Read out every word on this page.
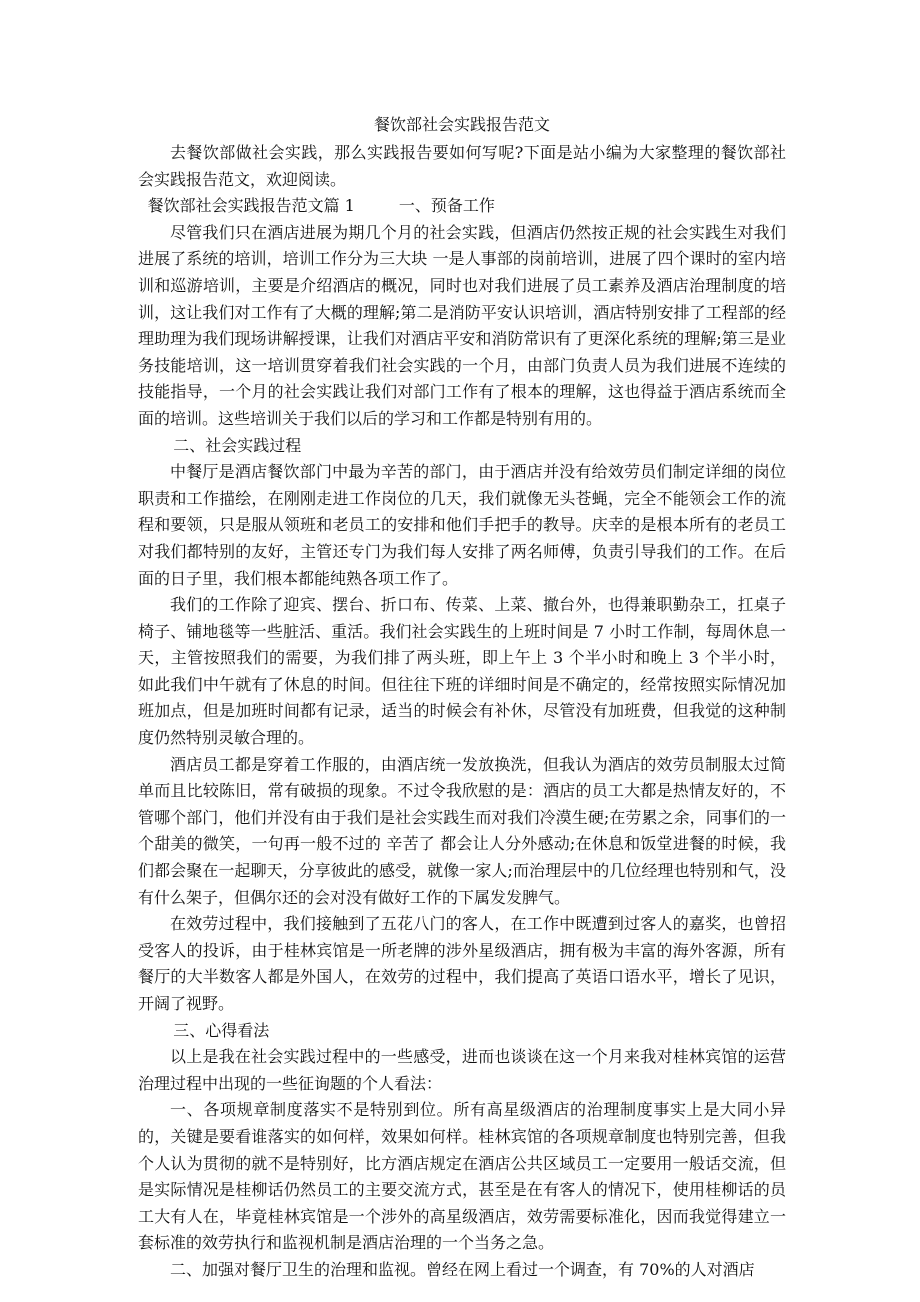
餐饮部社会实践报告范文

去餐饮部做社会实践，那么实践报告要如何写呢?下面是站小编为大家整理的餐饮部社会实践报告范文，欢迎阅读。

餐饮部社会实践报告范文篇 1	一、预备工作

尽管我们只在酒店进展为期几个月的社会实践，但酒店仍然按正规的社会实践生对我们进展了系统的培训，培训工作分为三大块 一是人事部的岗前培训，进展了四个课时的室内培训和巡游培训，主要是介绍酒店的概况，同时也对我们进展了员工素养及酒店治理制度的培训，这让我们对工作有了大概的理解;第二是消防平安认识培训，酒店特别安排了工程部的经理助理为我们现场讲解授课，让我们对酒店平安和消防常识有了更深化系统的理解;第三是业务技能培训，这一培训贯穿着我们社会实践的一个月，由部门负责人员为我们进展不连续的技能指导，一个月的社会实践让我们对部门工作有了根本的理解，这也得益于酒店系统而全面的培训。这些培训关于我们以后的学习和工作都是特别有用的。

二、社会实践过程

中餐厅是酒店餐饮部门中最为辛苦的部门，由于酒店并没有给效劳员们制定详细的岗位职责和工作描绘，在刚刚走进工作岗位的几天，我们就像无头苍蝇，完全不能领会工作的流程和要领，只是服从领班和老员工的安排和他们手把手的教导。庆幸的是根本所有的老员工对我们都特别的友好，主管还专门为我们每人安排了两名师傅，负责引导我们的工作。在后面的日子里，我们根本都能纯熟各项工作了。

我们的工作除了迎宾、摆台、折口布、传菜、上菜、撤台外，也得兼职勤杂工，扛桌子椅子、铺地毯等一些脏活、重活。我们社会实践生的上班时间是 7 小时工作制，每周休息一天，主管按照我们的需要，为我们排了两头班，即上午上 3 个半小时和晚上 3 个半小时，如此我们中午就有了休息的时间。但往往下班的详细时间是不确定的，经常按照实际情况加班加点，但是加班时间都有记录，适当的时候会有补休，尽管没有加班费，但我觉的这种制度仍然特别灵敏合理的。

酒店员工都是穿着工作服的，由酒店统一发放换洗，但我认为酒店的效劳员制服太过简单而且比较陈旧，常有破损的现象。不过令我欣慰的是：酒店的员工大都是热情友好的，不管哪个部门，他们并没有由于我们是社会实践生而对我们冷漠生硬;在劳累之余，同事们的一个甜美的微笑，一句再一般不过的 辛苦了 都会让人分外感动;在休息和饭堂进餐的时候，我们都会聚在一起聊天，分享彼此的感受，就像一家人;而治理层中的几位经理也特别和气，没有什么架子，但偶尔还的会对没有做好工作的下属发发脾气。

在效劳过程中，我们接触到了五花八门的客人，在工作中既遭到过客人的嘉奖，也曾招受客人的投诉，由于桂林宾馆是一所老牌的涉外星级酒店，拥有极为丰富的海外客源，所有餐厅的大半数客人都是外国人，在效劳的过程中，我们提高了英语口语水平，增长了见识，开阔了视野。

三、心得看法

以上是我在社会实践过程中的一些感受，进而也谈谈在这一个月来我对桂林宾馆的运营治理过程中出现的一些征询题的个人看法：

一、各项规章制度落实不是特别到位。所有高星级酒店的治理制度事实上是大同小异的，关键是要看谁落实的如何样，效果如何样。桂林宾馆的各项规章制度也特别完善，但我个人认为贯彻的就不是特别好，比方酒店规定在酒店公共区域员工一定要用一般话交流，但是实际情况是桂柳话仍然员工的主要交流方式，甚至是在有客人的情况下，使用桂柳话的员工大有人在，毕竟桂林宾馆是一个涉外的高星级酒店，效劳需要标准化，因而我觉得建立一套标准的效劳执行和监视机制是酒店治理的一个当务之急。

二、加强对餐厅卫生的治理和监视。曾经在网上看过一个调查，有 70%的人对酒店
